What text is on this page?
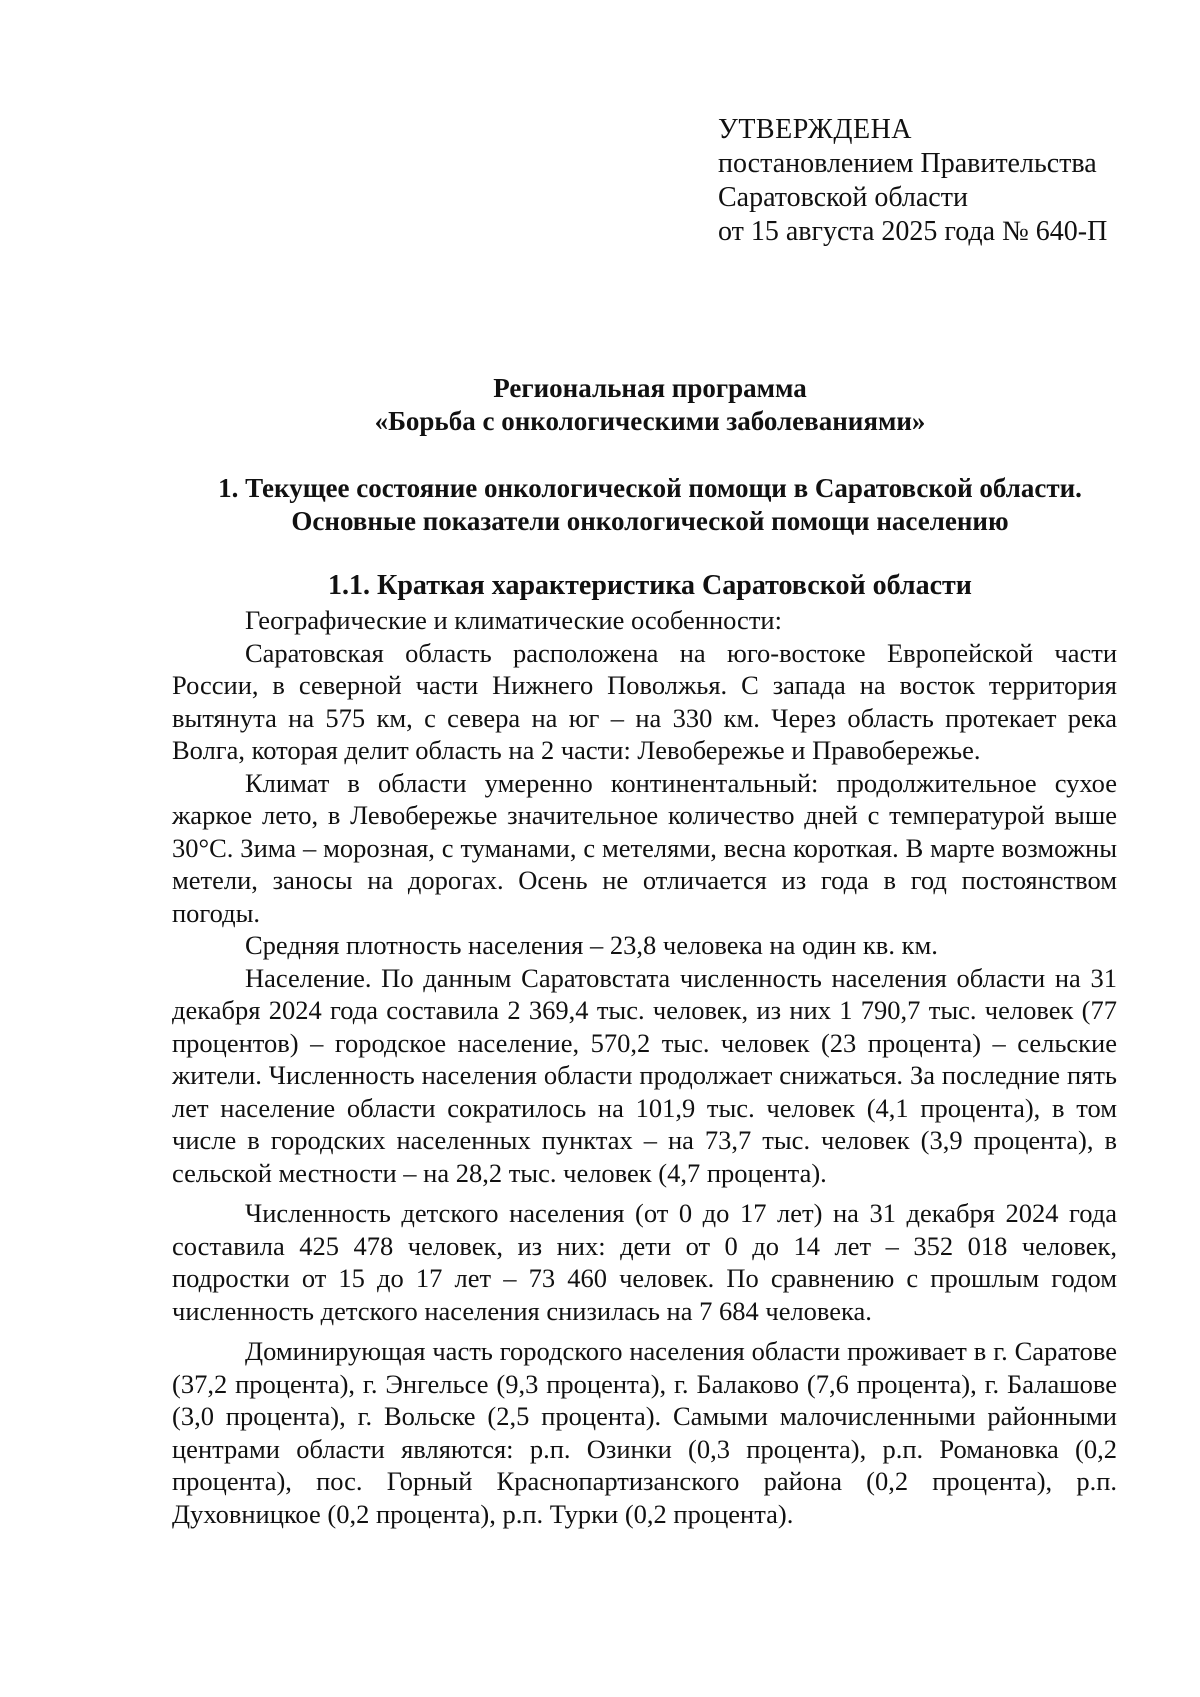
УТВЕРЖДЕНА
постановлением Правительства
Саратовской области
от 15 августа 2025 года № 640-П
Региональная программа
«Борьба с онкологическими заболеваниями»
1. Текущее состояние онкологической помощи в Саратовской области.
Основные показатели онкологической помощи населению
1.1. Краткая характеристика Саратовской области

Географические и климатические особенности:

Саратовская область расположена на юго-востоке Европейской части России, в северной части Нижнего Поволжья. С запада на восток территория вытянута на 575 км, с севера на юг – на 330 км. Через область протекает река Волга, которая делит область на 2 части: Левобережье и Правобережье.

Климат в области умеренно континентальный: продолжительное сухое жаркое лето, в Левобережье значительное количество дней с температурой выше 30°С. Зима – морозная, с туманами, с метелями, весна короткая. В марте возможны метели, заносы на дорогах. Осень не отличается из года в год постоянством погоды.

Средняя плотность населения – 23,8 человека на один кв. км.

Население. По данным Саратовстата численность населения области на 31 декабря 2024 года составила 2 369,4 тыс. человек, из них 1 790,7 тыс. человек (77 процентов) – городское население, 570,2 тыс. человек (23 процента) – сельские жители. Численность населения области продолжает снижаться. За последние пять лет население области сократилось на 101,9 тыс. человек (4,1 процента), в том числе в городских населенных пунктах – на 73,7 тыс. человек (3,9 процента), в сельской местности – на 28,2 тыс. человек (4,7 процента).

Численность детского населения (от 0 до 17 лет) на 31 декабря 2024 года составила 425 478 человек, из них: дети от 0 до 14 лет – 352 018 человек, подростки от 15 до 17 лет – 73 460 человек. По сравнению с прошлым годом численность детского населения снизилась на 7 684 человека.

Доминирующая часть городского населения области проживает в г. Саратове (37,2 процента), г. Энгельсе (9,3 процента), г. Балаково (7,6 процента), г. Балашове (3,0 процента), г. Вольске (2,5 процента). Самыми малочисленными районными центрами области являются: р.п. Озинки (0,3 процента), р.п. Романовка (0,2 процента), пос. Горный Краснопартизанского района (0,2 процента), р.п. Духовницкое (0,2 процента), р.п. Турки (0,2 процента).
